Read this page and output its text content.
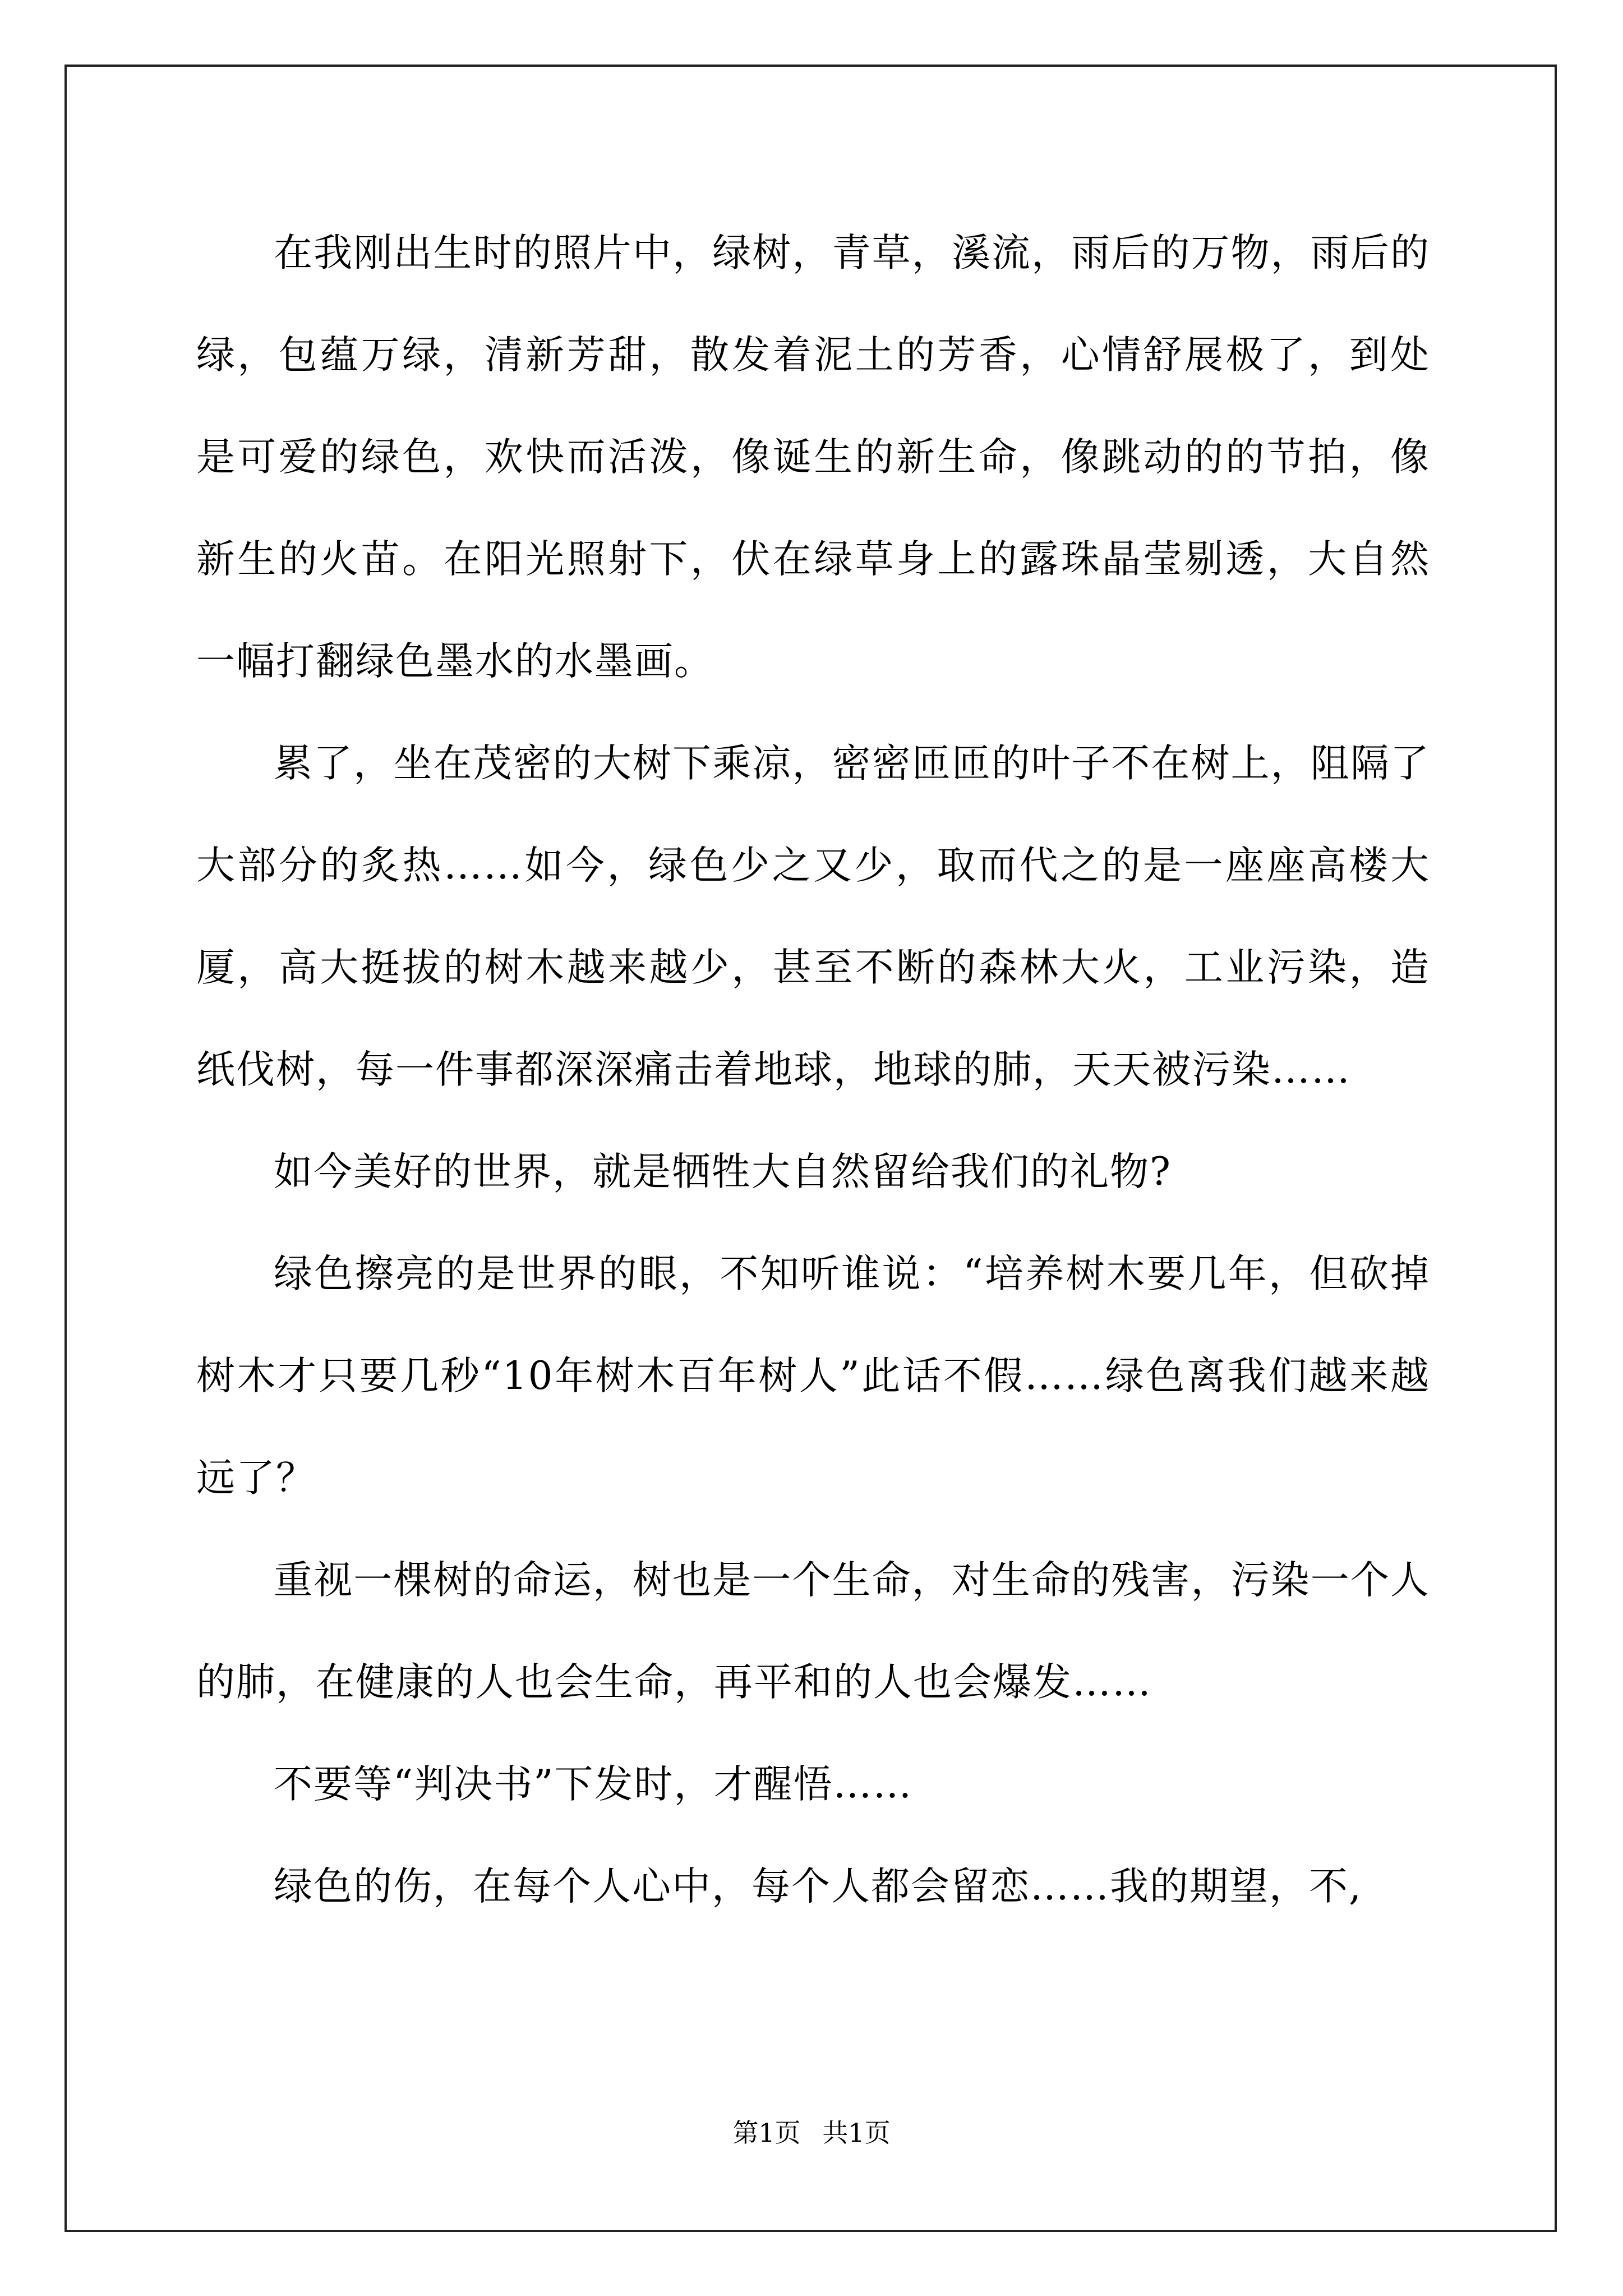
在我刚出生时的照片中，绿树，青草，溪流，雨后的万物，雨后的绿，包蕴万绿，清新芳甜，散发着泥土的芳香，心情舒展极了，到处是可爱的绿色，欢快而活泼，像诞生的新生命，像跳动的的节拍，像新生的火苗。在阳光照射下，伏在绿草身上的露珠晶莹剔透，大自然一幅打翻绿色墨水的水墨画。

累了，坐在茂密的大树下乘凉，密密匝匝的叶子不在树上，阻隔了大部分的炙热……如今，绿色少之又少，取而代之的是一座座高楼大厦，高大挺拔的树木越来越少，甚至不断的森林大火，工业污染，造纸伐树，每一件事都深深痛击着地球，地球的肺，天天被污染……

如今美好的世界，就是牺牲大自然留给我们的礼物?

绿色擦亮的是世界的眼，不知听谁说：“培养树木要几年，但砍掉树木才只要几秒“10年树木百年树人”此话不假……绿色离我们越来越远了？

重视一棵树的命运，树也是一个生命，对生命的残害，污染一个人的肺，在健康的人也会生命，再平和的人也会爆发……

不要等“判决书”下发时，才醒悟……

绿色的伤，在每个人心中，每个人都会留恋……我的期望，不,

第1页 共1页
